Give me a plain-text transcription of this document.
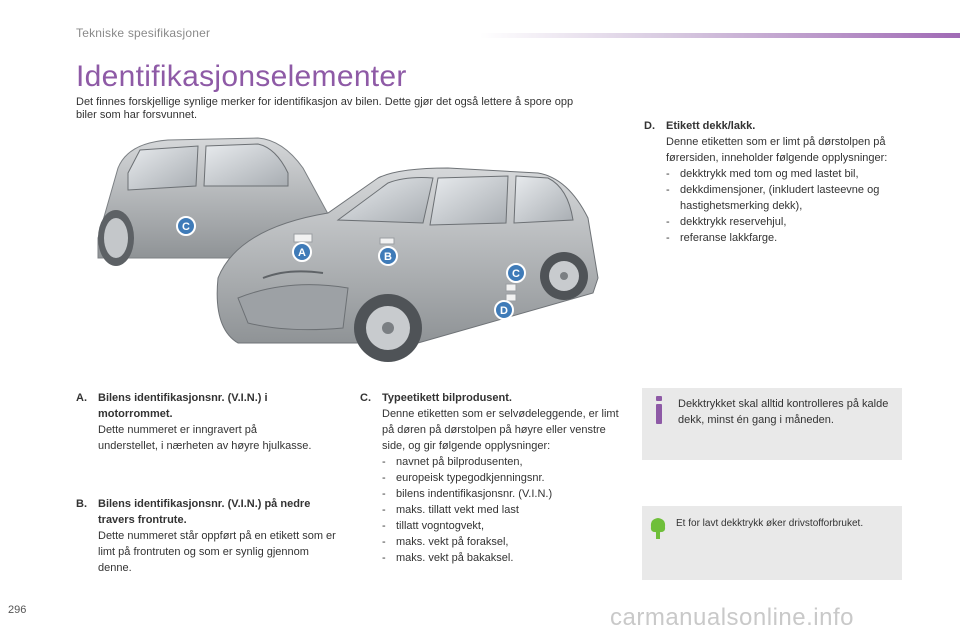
Tekniske spesifikasjoner
Identifikasjonselementer
Det finnes forskjellige synlige merker for identifikasjon av bilen. Dette gjør det også lettere å spore opp biler som har forsvunnet.
C
A	B
C
D
D.	Etikett dekk/lakk.
Denne etiketten som er limt på dørstolpen på førersiden, inneholder følgende opplysninger:
- dekktrykk med tom og med lastet bil,
- dekkdimensjoner, (inkludert lasteevne og hastighetsmerking dekk),
- dekktrykk reservehjul,
- referanse lakkfarge.
A.	Bilens identifikasjonsnr. (V.I.N.) i motorrommet.
Dette nummeret er inngravert på understellet, i nærheten av høyre hjulkasse.
B.	Bilens identifikasjonsnr. (V.I.N.) på nedre travers frontrute.
Dette nummeret står oppført på en etikett som er limt på frontruten og som er synlig gjennom denne.
C.	Typeetikett bilprodusent.
Denne etiketten som er selvødeleggende, er limt på døren på dørstolpen på høyre eller venstre side, og gir følgende opplysninger:
- navnet på bilprodusenten,
- europeisk typegodkjenningsnr.
- bilens indentifikasjonsnr. (V.I.N.)
- maks. tillatt vekt med last
- tillatt vogntogvekt,
- maks. vekt på foraksel,
- maks. vekt på bakaksel.
Dekktrykket skal alltid kontrolleres på kalde dekk, minst én gang i måneden.
Et for lavt dekktrykk øker drivstofforbruket.
296	carmanualsonline.info
